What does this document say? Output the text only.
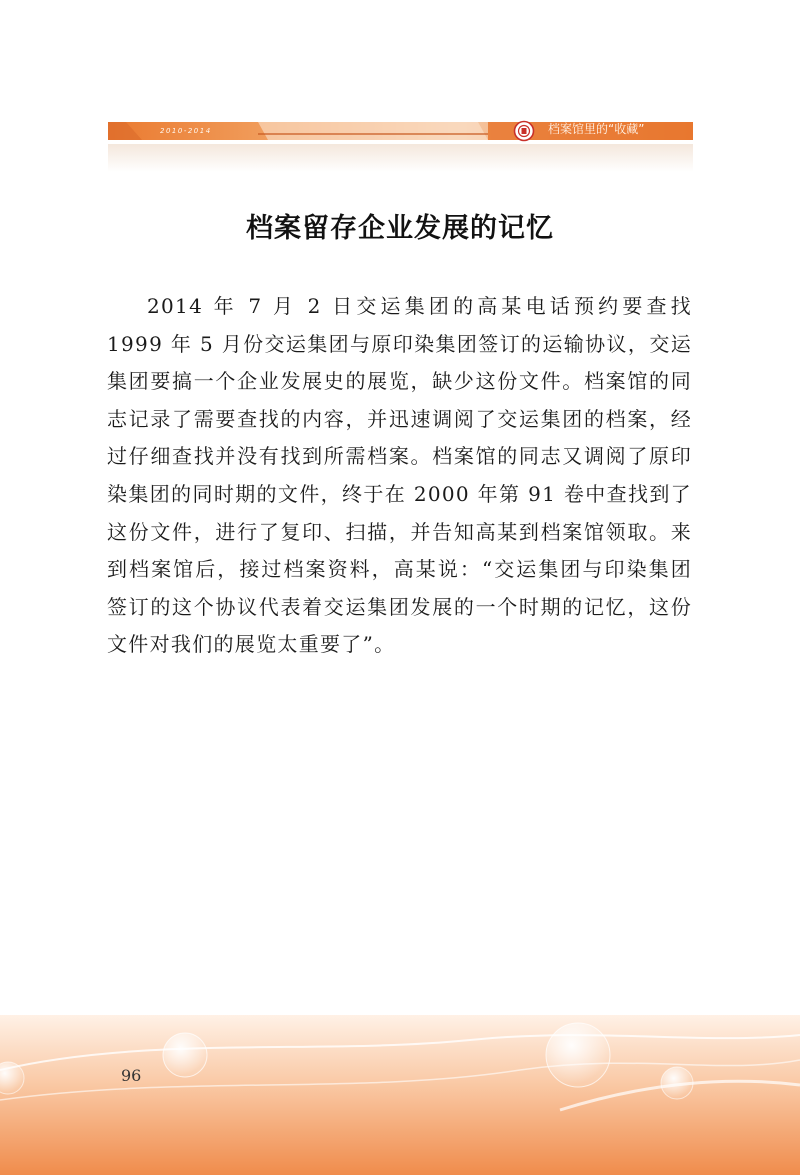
2010-2014	档案馆里的“收藏”
档案留存企业发展的记忆

2014 年 7 月 2 日交运集团的高某电话预约要查找 1999 年 5 月份交运集团与原印染集团签订的运输协议，交运集团要搞一个企业发展史的展览，缺少这份文件。档案馆的同志记录了需要查找的内容，并迅速调阅了交运集团的档案，经过仔细查找并没有找到所需档案。档案馆的同志又调阅了原印染集团的同时期的文件，终于在 2000 年第 91 卷中查找到了这份文件，进行了复印、扫描，并告知高某到档案馆领取。来到档案馆后，接过档案资料，高某说：“交运集团与印染集团签订的这个协议代表着交运集团发展的一个时期的记忆，这份文件对我们的展览太重要了”。

96
